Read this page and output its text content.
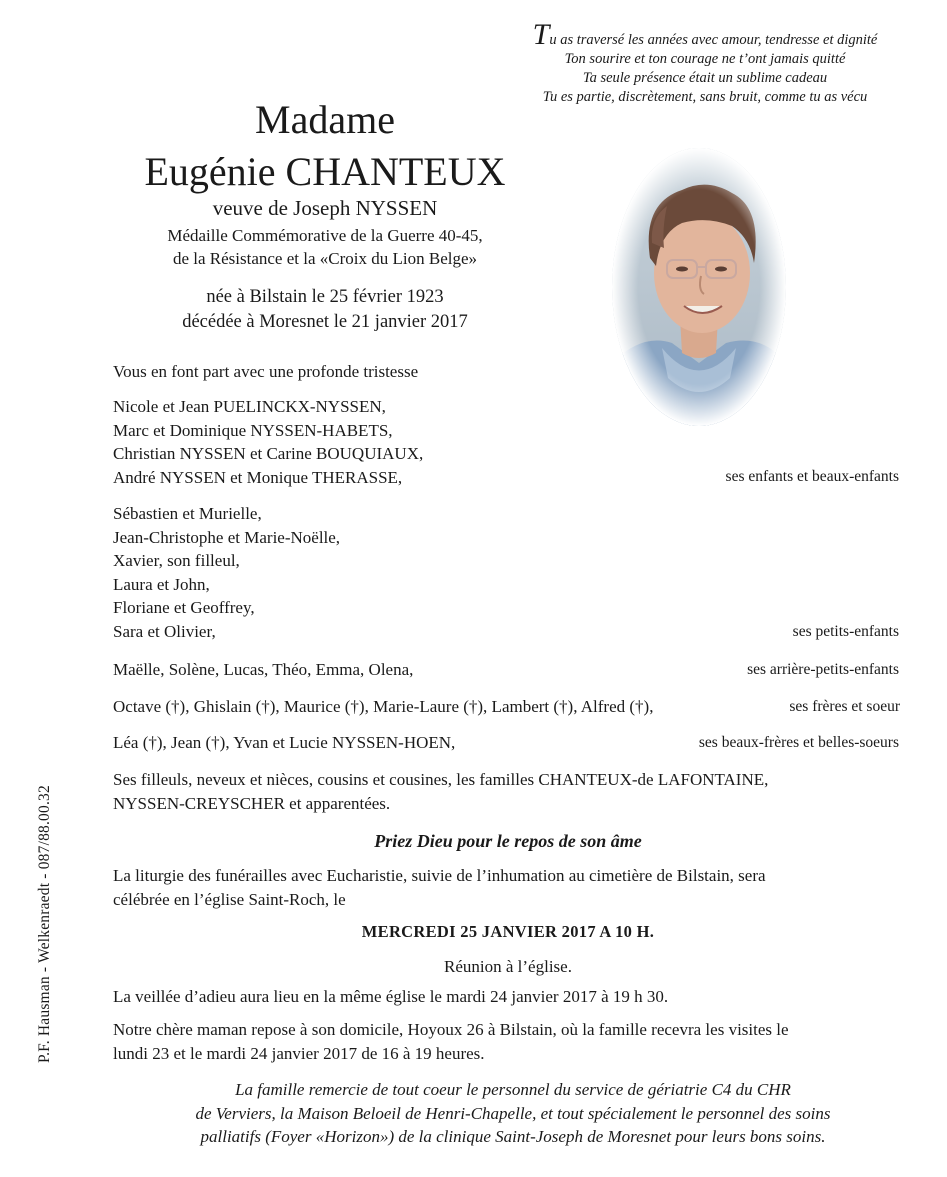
Tu as traversé les années avec amour, tendresse et dignité
Ton sourire et ton courage ne t’ont jamais quitté
Ta seule présence était un sublime cadeau
Tu es partie, discrètement, sans bruit, comme tu as vécu
Madame
Eugénie CHANTEUX
veuve de Joseph NYSSEN
Médaille Commémorative de la Guerre 40-45,
de la Résistance et la «Croix du Lion Belge»
née à Bilstain le 25 février 1923
décédée à Moresnet le 21 janvier 2017
Vous en font part avec une profonde tristesse
Nicole et Jean PUELINCKX-NYSSEN,
Marc et Dominique NYSSEN-HABETS,
Christian NYSSEN et Carine BOUQUIAUX,
André NYSSEN et Monique THERASSE,	ses enfants et beaux-enfants
Sébastien et Murielle,
Jean-Christophe et Marie-Noëlle,
Xavier, son filleul,
Laura et John,
Floriane et Geoffrey,
Sara et Olivier,	ses petits-enfants
Maëlle, Solène, Lucas, Théo, Emma, Olena,	ses arrière-petits-enfants
Octave (†), Ghislain (†), Maurice (†), Marie-Laure (†), Lambert (†), Alfred (†),	ses frères et soeur
Léa (†), Jean (†), Yvan et Lucie NYSSEN-HOEN,	ses beaux-frères et belles-soeurs
Ses filleuls, neveux et nièces, cousins et cousines, les familles CHANTEUX-de LAFONTAINE,
NYSSEN-CREYSCHER et apparentées.
Priez Dieu pour le repos de son âme
La liturgie des funérailles avec Eucharistie, suivie de l’inhumation au cimetière de Bilstain, sera
célébrée en l’église Saint-Roch, le
MERCREDI 25 JANVIER 2017 A 10 H.
Réunion à l’église.
La veillée d’adieu aura lieu en la même église le mardi 24 janvier 2017 à 19 h 30.
Notre chère maman repose à son domicile, Hoyoux 26 à Bilstain, où la famille recevra les visites le
lundi 23 et le mardi 24 janvier 2017 de 16 à 19 heures.
La famille remercie de tout coeur le personnel du service de gériatrie C4 du CHR
de Verviers, la Maison Beloeil de Henri-Chapelle, et tout spécialement le personnel des soins
palliatifs (Foyer «Horizon») de la clinique Saint-Joseph de Moresnet pour leurs bons soins.
P.F. Hausman - Welkenraedt - 087/88.00.32
